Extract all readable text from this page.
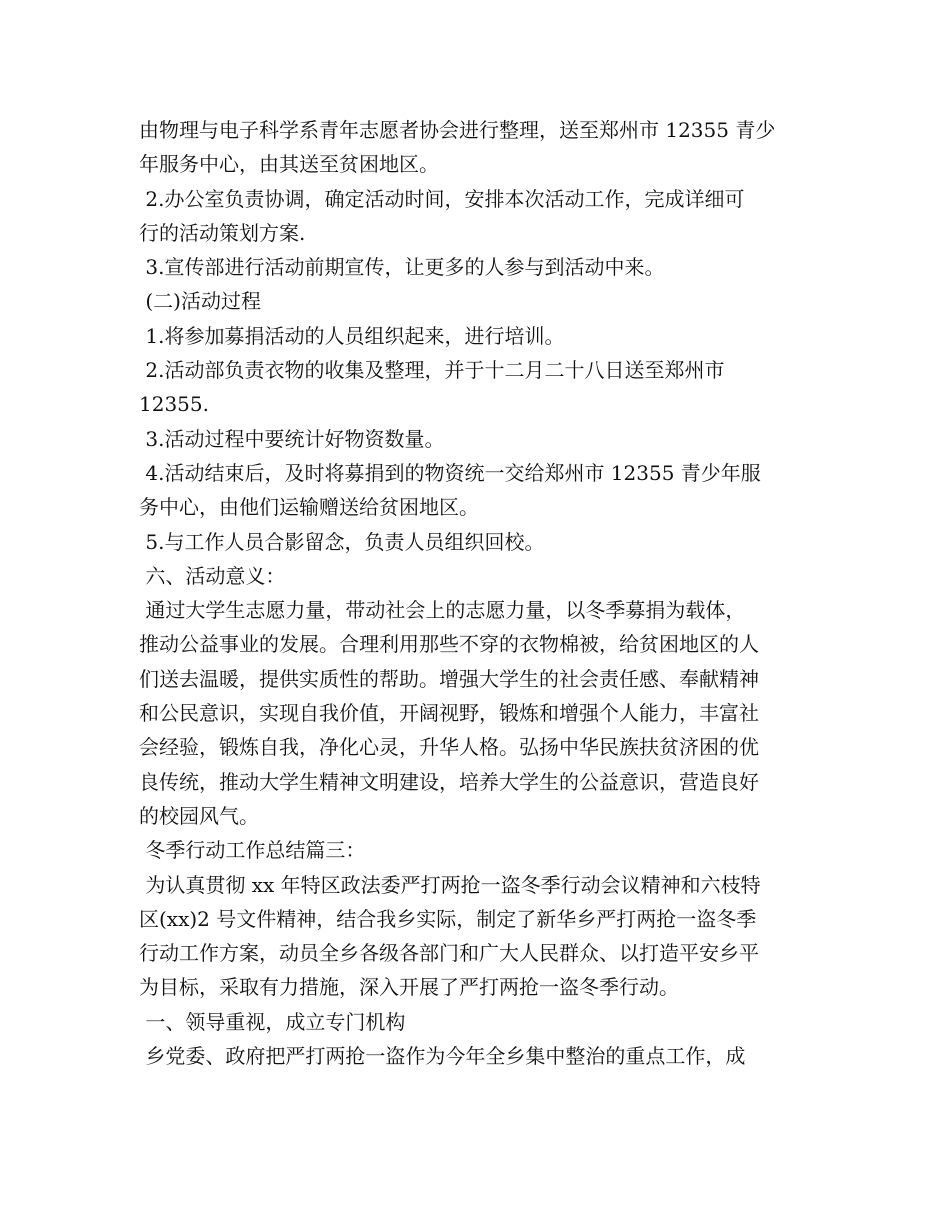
由物理与电子科学系青年志愿者协会进行整理，送至郑州市 12355 青少
年服务中心，由其送至贫困地区。
2.办公室负责协调，确定活动时间，安排本次活动工作，完成详细可
行的活动策划方案.
3.宣传部进行活动前期宣传，让更多的人参与到活动中来。
(二)活动过程
1.将参加募捐活动的人员组织起来，进行培训。
2.活动部负责衣物的收集及整理，并于十二月二十八日送至郑州市
12355.
3.活动过程中要统计好物资数量。
4.活动结束后，及时将募捐到的物资统一交给郑州市 12355 青少年服
务中心，由他们运输赠送给贫困地区。
5.与工作人员合影留念，负责人员组织回校。
六、活动意义：
通过大学生志愿力量，带动社会上的志愿力量，以冬季募捐为载体，
推动公益事业的发展。合理利用那些不穿的衣物棉被，给贫困地区的人
们送去温暖，提供实质性的帮助。增强大学生的社会责任感、奉献精神
和公民意识，实现自我价值，开阔视野，锻炼和增强个人能力，丰富社
会经验，锻炼自我，净化心灵，升华人格。弘扬中华民族扶贫济困的优
良传统，推动大学生精神文明建设，培养大学生的公益意识，营造良好
的校园风气。
冬季行动工作总结篇三：
为认真贯彻 xx 年特区政法委严打两抢一盗冬季行动会议精神和六枝特
区(xx)2 号文件精神，结合我乡实际，制定了新华乡严打两抢一盗冬季
行动工作方案，动员全乡各级各部门和广大人民群众、以打造平安乡平
为目标，采取有力措施，深入开展了严打两抢一盗冬季行动。
一、领导重视，成立专门机构
乡党委、政府把严打两抢一盗作为今年全乡集中整治的重点工作，成
